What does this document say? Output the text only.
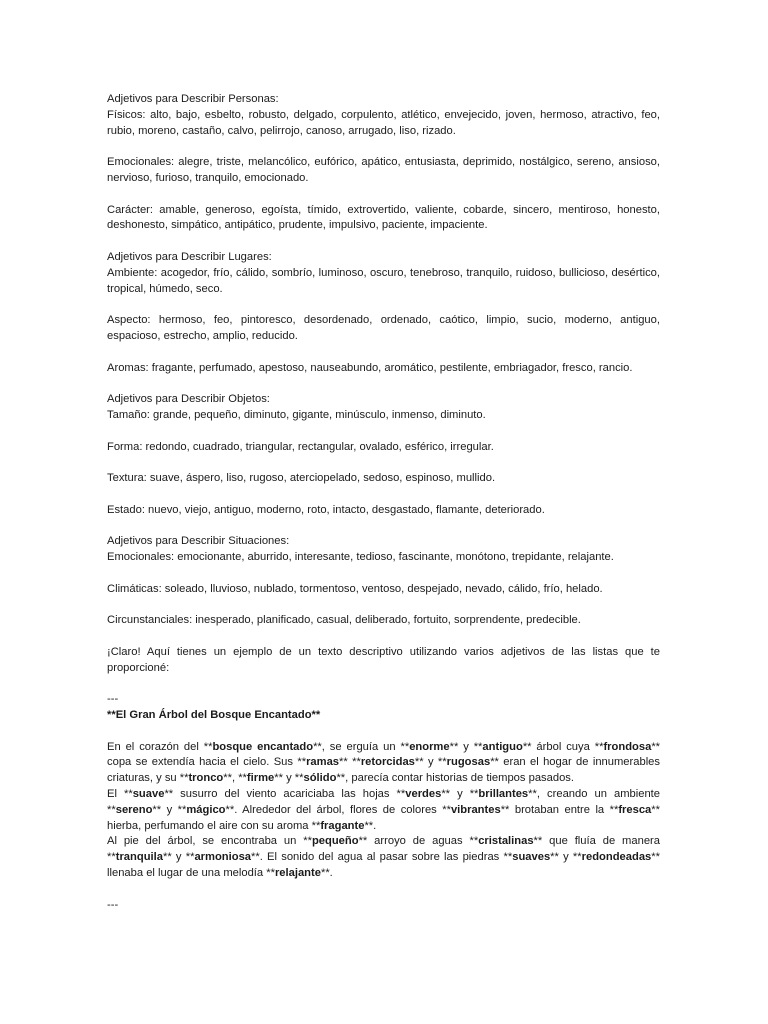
Adjetivos para Describir Personas:
Físicos: alto, bajo, esbelto, robusto, delgado, corpulento, atlético, envejecido, joven, hermoso, atractivo, feo, rubio, moreno, castaño, calvo, pelirrojo, canoso, arrugado, liso, rizado.
Emocionales: alegre, triste, melancólico, eufórico, apático, entusiasta, deprimido, nostálgico, sereno, ansioso, nervioso, furioso, tranquilo, emocionado.
Carácter: amable, generoso, egoísta, tímido, extrovertido, valiente, cobarde, sincero, mentiroso, honesto, deshonesto, simpático, antipático, prudente, impulsivo, paciente, impaciente.
Adjetivos para Describir Lugares:
Ambiente: acogedor, frío, cálido, sombrío, luminoso, oscuro, tenebroso, tranquilo, ruidoso, bullicioso, desértico, tropical, húmedo, seco.
Aspecto: hermoso, feo, pintoresco, desordenado, ordenado, caótico, limpio, sucio, moderno, antiguo, espacioso, estrecho, amplio, reducido.
Aromas: fragante, perfumado, apestoso, nauseabundo, aromático, pestilente, embriagador, fresco, rancio.
Adjetivos para Describir Objetos:
Tamaño: grande, pequeño, diminuto, gigante, minúsculo, inmenso, diminuto.
Forma: redondo, cuadrado, triangular, rectangular, ovalado, esférico, irregular.
Textura: suave, áspero, liso, rugoso, aterciopelado, sedoso, espinoso, mullido.
Estado: nuevo, viejo, antiguo, moderno, roto, intacto, desgastado, flamante, deteriorado.
Adjetivos para Describir Situaciones:
Emocionales: emocionante, aburrido, interesante, tedioso, fascinante, monótono, trepidante, relajante.
Climáticas: soleado, lluvioso, nublado, tormentoso, ventoso, despejado, nevado, cálido, frío, helado.
Circunstanciales: inesperado, planificado, casual, deliberado, fortuito, sorprendente, predecible.
¡Claro! Aquí tienes un ejemplo de un texto descriptivo utilizando varios adjetivos de las listas que te proporcioné:
---
**El Gran Árbol del Bosque Encantado**
En el corazón del **bosque encantado**, se erguía un **enorme** y **antiguo** árbol cuya **frondosa** copa se extendía hacia el cielo. Sus **ramas** **retorcidas** y **rugosas** eran el hogar de innumerables criaturas, y su **tronco**, **firme** y **sólido**, parecía contar historias de tiempos pasados.
El **suave** susurro del viento acariciaba las hojas **verdes** y **brillantes**, creando un ambiente **sereno** y **mágico**. Alrededor del árbol, flores de colores **vibrantes** brotaban entre la **fresca** hierba, perfumando el aire con su aroma **fragante**.
Al pie del árbol, se encontraba un **pequeño** arroyo de aguas **cristalinas** que fluía de manera **tranquila** y **armoniosa**. El sonido del agua al pasar sobre las piedras **suaves** y **redondeadas** llenaba el lugar de una melodía **relajante**.
---
